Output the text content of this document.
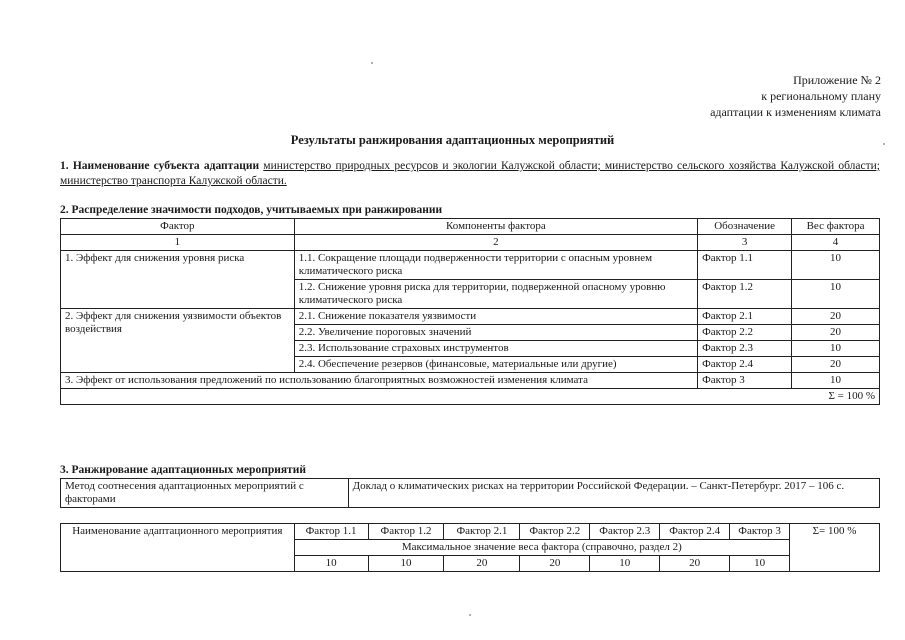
Приложение № 2
к региональному плану
адаптации к изменениям климата
Результаты ранжирования адаптационных мероприятий
1. Наименование субъекта адаптации министерство природных ресурсов и экологии Калужской области; министерство сельского хозяйства Калужской области; министерство транспорта Калужской области.
2. Распределение значимости подходов, учитываемых при ранжировании
Фактор	Компоненты фактора	Обозначение	Вес фактора
1	2	3	4
1. Эффект для снижения уровня риска	1.1. Сокращение площади подверженности территории с опасным уровнем климатического риска	Фактор 1.1	10
	1.2. Снижение уровня риска для территории, подверженной опасному уровню климатического риска	Фактор 1.2	10
2. Эффект для снижения уязвимости объектов воздействия	2.1. Снижение показателя уязвимости	Фактор 2.1	20
	2.2. Увеличение пороговых значений	Фактор 2.2	20
	2.3. Использование страховых инструментов	Фактор 2.3	10
	2.4. Обеспечение резервов (финансовые, материальные или другие)	Фактор 2.4	20
3. Эффект от использования предложений по использованию благоприятных возможностей изменения климата		Фактор 3	10
Σ = 100 %			
3. Ранжирование адаптационных мероприятий
Метод соотнесения адаптационных мероприятий с факторами	Доклад о климатических рисках на территории Российской Федерации. – Санкт-Петербург. 2017 – 106 с.
Наименование адаптационного мероприятия	Фактор 1.1	Фактор 1.2	Фактор 2.1	Фактор 2.2	Фактор 2.3	Фактор 2.4	Фактор 3	Σ= 100 %
	Максимальное значение веса фактора (справочно, раздел 2)							
	10	10	20	20	10	20	10	
